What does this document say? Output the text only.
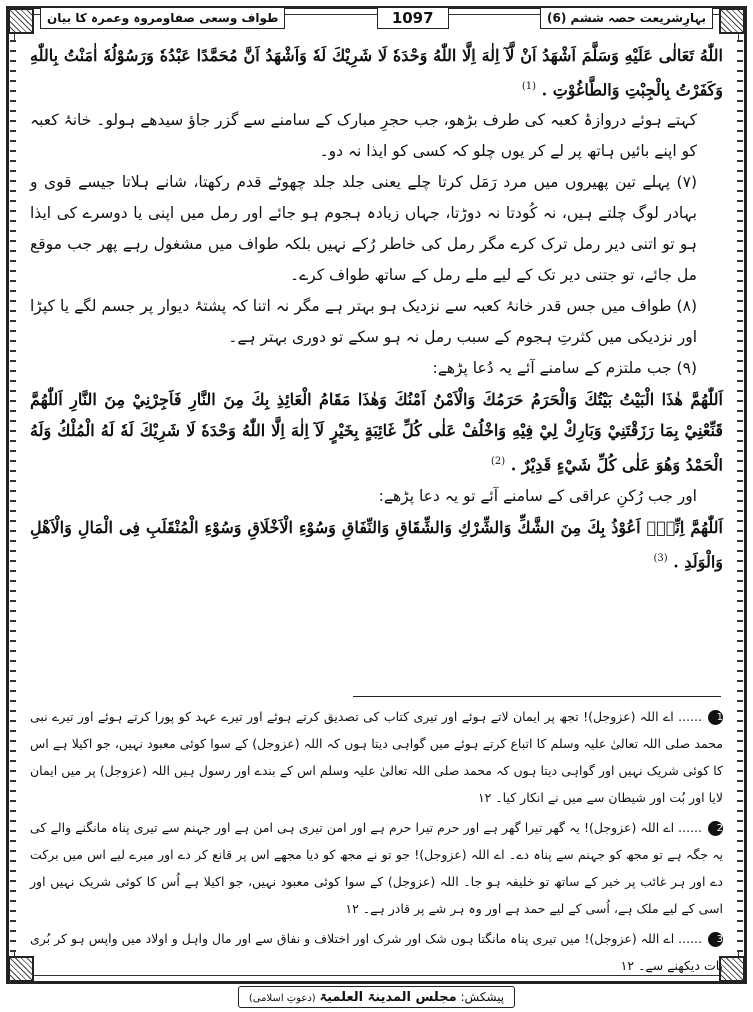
بہارِشریعت حصہ ششم (6)
1097
طواف وسعی صفاومروہ وعمرہ کا بیان

اللّٰهُ تَعَالٰی عَلَيْهِ وَسَلَّمَ اَشْهَدُ اَنْ لَّآ اِلٰهَ اِلَّا اللّٰهُ وَحْدَهٗ لَا شَرِيْكَ لَهٗ وَاَشْهَدُ اَنَّ مُحَمَّدًا عَبْدُهٗ وَرَسُوْلُهٗ اٰمَنْتُ بِاللّٰهِ وَكَفَرْتُ بِالْجِبْتِ وَالطَّاغُوْتِ . $^{(1)}$

کہتے ہوئے دروازۂ کعبہ کی طرف بڑھو، جب حجرِ مبارک کے سامنے سے گزر جاؤ سیدھے ہولو۔ خانۂ کعبہ کو اپنے بائیں ہاتھ پر لے کر یوں چلو کہ کسی کو ایذا نہ دو۔

(۷) پہلے تین پھیروں میں مرد رَمَل کرتا چلے یعنی جلد جلد چھوٹے قدم رکھتا، شانے ہلاتا جیسے قوی و بہادر لوگ چلتے ہیں، نہ کُودتا نہ دوڑتا، جہاں زیادہ ہجوم ہو جائے اور رمل میں اپنی یا دوسرے کی ایذا ہو تو اتنی دیر رمل ترک کرے مگر رمل کی خاطر رُکے نہیں بلکہ طواف میں مشغول رہے پھر جب موقع مل جائے، تو جتنی دیر تک کے لیے ملے رمل کے ساتھ طواف کرے۔

(۸) طواف میں جس قدر خانۂ کعبہ سے نزدیک ہو بہتر ہے مگر نہ اتنا کہ پشتۂ دیوار پر جسم لگے یا کپڑا اور نزدیکی میں کثرتِ ہجوم کے سبب رمل نہ ہو سکے تو دوری بہتر ہے۔

(۹) جب ملتزم کے سامنے آئے یہ دُعا پڑھے:

اَللّٰهُمَّ هٰذَا الْبَيْتُ بَيْتُكَ وَالْحَرَمُ حَرَمُكَ وَالْاَمْنُ اَمْنُكَ وَهٰذَا مَقَامُ الْعَائِذِ بِكَ مِنَ النَّارِ فَاَجِرْنِيْ مِنَ النَّارِ اَللّٰهُمَّ قَنِّعْنِيْ بِمَا رَزَقْتَنِيْ وَبَارِكْ لِيْ فِيْهِ وَاخْلُفْ عَلٰی كُلِّ غَائِبَةٍ بِخَيْرٍ لَآ اِلٰهَ اِلَّا اللّٰهُ وَحْدَهٗ لَا شَرِيْكَ لَهٗ لَهُ الْمُلْكُ وَلَهُ الْحَمْدُ وَهُوَ عَلٰی كُلِّ شَيْءٍ قَدِيْرٌ . $^{(2)}$

اور جب رُکنِ عراقی کے سامنے آئے تو یہ دعا پڑھے:

اَللّٰهُمَّ اِنِّيْۤ اَعُوْذُ بِكَ مِنَ الشَّكِّ وَالشِّرْكِ وَالشِّقَاقِ وَالنِّفَاقِ وَسُوْءِ الْاَخْلَاقِ وَسُوْءِ الْمُنْقَلَبِ فِی الْمَالِ وَالْاَهْلِ وَالْوَلَدِ . $^{(3)}$

1...... اے اللہ (عزوجل)! تجھ پر ایمان لاتے ہوئے اور تیری کتاب کی تصدیق کرتے ہوئے اور تیرے عہد کو پورا کرتے ہوئے اور تیرے نبی محمد صلی اللہ تعالیٰ علیہ وسلم کا اتباع کرتے ہوئے میں گواہی دیتا ہوں کہ اللہ (عزوجل) کے سوا کوئی معبود نہیں، جو اکیلا ہے اس کا کوئی شریک نہیں اور گواہی دیتا ہوں کہ محمد صلی اللہ تعالیٰ علیہ وسلم اس کے بندے اور رسول ہیں اللہ (عزوجل) پر میں ایمان لایا اور بُت اور شیطان سے میں نے انکار کیا۔ ۱۲

2...... اے اللہ (عزوجل)! یہ گھر تیرا گھر ہے اور حرم تیرا حرم ہے اور امن تیری ہی امن ہے اور جہنم سے تیری پناہ مانگنے والے کی یہ جگہ ہے تو مجھ کو جہنم سے پناہ دے۔ اے اللہ (عزوجل)! جو تو نے مجھ کو دیا مجھے اس پر قانع کر دے اور میرے لیے اس میں برکت دے اور ہر غائب پر خیر کے ساتھ تو خلیفہ ہو جا۔ اللہ (عزوجل) کے سوا کوئی معبود نہیں، جو اکیلا ہے اُس کا کوئی شریک نہیں اور اسی کے لیے ملک ہے، اُسی کے لیے حمد ہے اور وہ ہر شے پر قادر ہے۔ ۱۲

3...... اے اللہ (عزوجل)! میں تیری پناہ مانگتا ہوں شک اور شرک اور اختلاف و نفاق سے اور مال واہل و اولاد میں واپس ہو کر بُری بات دیکھنے سے۔ ۱۲

پیشکش: مجلس المدینۃ العلمیۃ (دعوتِ اسلامی)
